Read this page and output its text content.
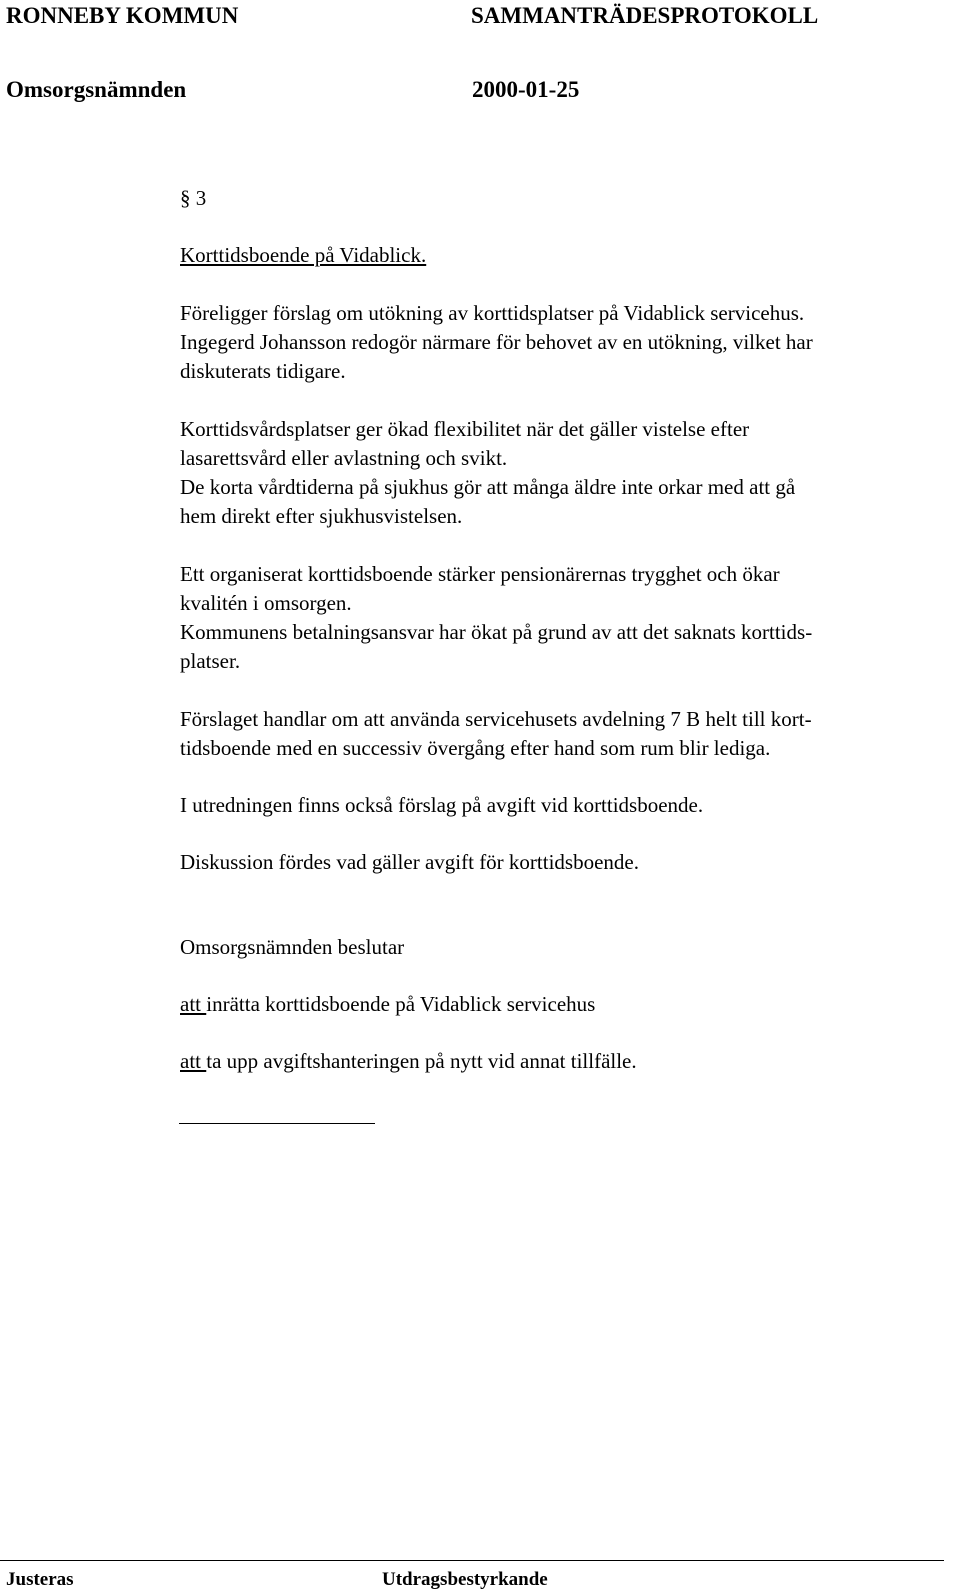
RONNEBY KOMMUN	SAMMANTRÄDESPROTOKOLL
Omsorgsnämnden	2000-01-25

§ 3

Korttidsboende på Vidablick.

Föreligger förslag om utökning av korttidsplatser på Vidablick servicehus.

Ingegerd Johansson redogör närmare för behovet av en utökning, vilket har

diskuterats tidigare.

Korttidsvårdsplatser ger ökad flexibilitet när det gäller vistelse efter

lasarettsvård eller avlastning och svikt.

De korta vårdtiderna på sjukhus gör att många äldre inte orkar med att gå

hem direkt efter sjukhusvistelsen.

Ett organiserat korttidsboende stärker pensionärernas trygghet och ökar

kvalitén i omsorgen.

Kommunens betalningsansvar har ökat på grund av att det saknats korttids-

platser.

Förslaget handlar om att använda servicehusets avdelning 7 B helt till kort-

tidsboende med en successiv övergång efter hand som rum blir lediga.

I utredningen finns också förslag på avgift vid korttidsboende.

Diskussion fördes vad gäller avgift för korttidsboende.

Omsorgsnämnden beslutar

att inrätta korttidsboende på Vidablick servicehus

att ta upp avgiftshanteringen på nytt vid annat tillfälle.

Justeras	Utdragsbestyrkande
